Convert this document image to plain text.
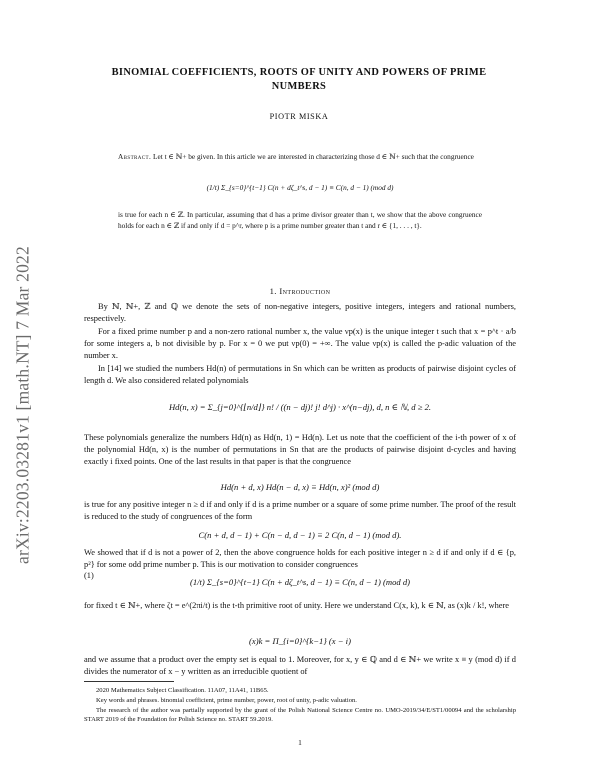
arXiv:2203.03281v1 [math.NT] 7 Mar 2022
BINOMIAL COEFFICIENTS, ROOTS OF UNITY AND POWERS OF PRIME NUMBERS
PIOTR MISKA
Abstract. Let t ∈ ℕ+ be given. In this article we are interested in characterizing those d ∈ ℕ+ such that the congruence
(1/t) Σ_{s=0}^{t−1} C(n + dζ_t^s, d − 1) ≡ C(n, d − 1) (mod d)
is true for each n ∈ ℤ. In particular, assuming that d has a prime divisor greater than t, we show that the above congruence holds for each n ∈ ℤ if and only if d = p^r, where p is a prime number greater than t and r ∈ {1, . . . , t}.
1. Introduction
By ℕ, ℕ+, ℤ and ℚ we denote the sets of non-negative integers, positive integers, integers and rational numbers, respectively.
For a fixed prime number p and a non-zero rational number x, the value νp(x) is the unique integer t such that x = p^t · a/b for some integers a, b not divisible by p. For x = 0 we put νp(0) = +∞. The value νp(x) is called the p-adic valuation of the number x.
In [14] we studied the numbers Hd(n) of permutations in Sn which can be written as products of pairwise disjoint cycles of length d. We also considered related polynomials
Hd(n, x) = Σ_{j=0}^{⌊n/d⌋} n! / ((n − dj)! j! d^j) · x^(n−dj), d, n ∈ ℕ, d ≥ 2.
These polynomials generalize the numbers Hd(n) as Hd(n, 1) = Hd(n). Let us note that the coefficient of the i-th power of x of the polynomial Hd(n, x) is the number of permutations in Sn that are the products of pairwise disjoint d-cycles and having exactly i fixed points. One of the last results in that paper is that the congruence
Hd(n + d, x) Hd(n − d, x) ≡ Hd(n, x)² (mod d)
is true for any positive integer n ≥ d if and only if d is a prime number or a square of some prime number. The proof of the result is reduced to the study of congruences of the form
C(n + d, d − 1) + C(n − d, d − 1) ≡ 2 C(n, d − 1) (mod d).
We showed that if d is not a power of 2, then the above congruence holds for each positive integer n ≥ d if and only if d ∈ {p, p²} for some odd prime number p. This is our motivation to consider congruences
(1)
(1/t) Σ_{s=0}^{t−1} C(n + dζ_t^s, d − 1) ≡ C(n, d − 1) (mod d)
for fixed t ∈ ℕ+, where ζt = e^(2πi/t) is the t-th primitive root of unity. Here we understand C(x, k), k ∈ ℕ, as (x)k / k!, where
(x)k = Π_{i=0}^{k−1} (x − i)
and we assume that a product over the empty set is equal to 1. Moreover, for x, y ∈ ℚ and d ∈ ℕ+ we write x ≡ y (mod d) if d divides the numerator of x − y written as an irreducible quotient of
2020 Mathematics Subject Classification. 11A07, 11A41, 11B65.
Key words and phrases. binomial coefficient, prime number, power, root of unity, p-adic valuation.
The research of the author was partially supported by the grant of the Polish National Science Centre no. UMO-2019/34/E/ST1/00094 and the scholarship START 2019 of the Foundation for Polish Science no. START 59.2019.
1
